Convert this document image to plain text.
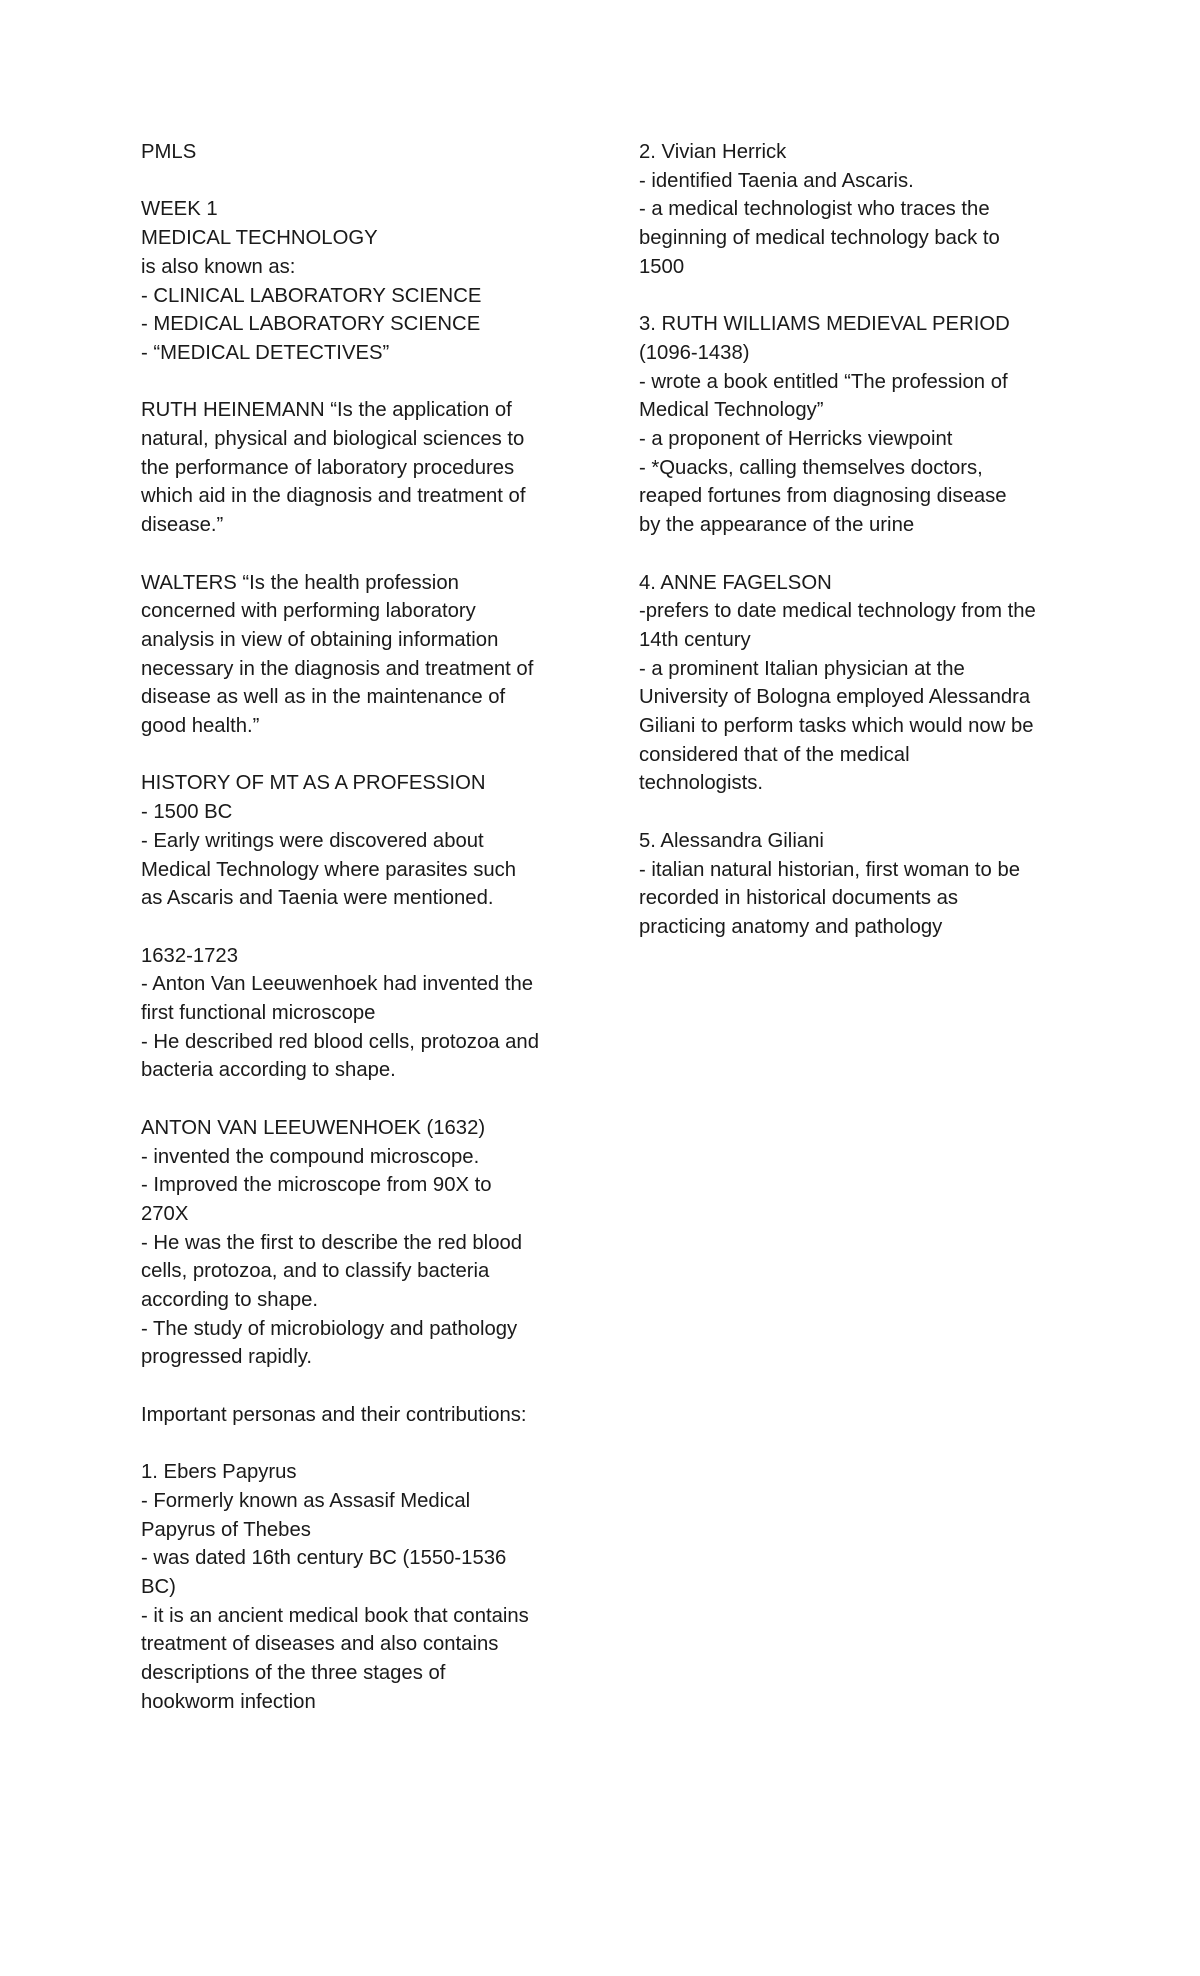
PMLS
WEEK 1
MEDICAL TECHNOLOGY
is also known as:
- CLINICAL LABORATORY SCIENCE
- MEDICAL LABORATORY SCIENCE
- “MEDICAL DETECTIVES”
RUTH HEINEMANN “Is the application of
natural, physical and biological sciences to
the performance of laboratory procedures
which aid in the diagnosis and treatment of
disease.”
WALTERS “Is the health profession
concerned with performing laboratory
analysis in view of obtaining information
necessary in the diagnosis and treatment of
disease as well as in the maintenance of
good health.”
HISTORY OF MT AS A PROFESSION
- 1500 BC
- Early writings were discovered about
Medical Technology where parasites such
as Ascaris and Taenia were mentioned.
1632-1723
- Anton Van Leeuwenhoek had invented the
first functional microscope
- He described red blood cells, protozoa and
bacteria according to shape.
ANTON VAN LEEUWENHOEK (1632)
- invented the compound microscope.
- Improved the microscope from 90X to
270X
- He was the first to describe the red blood
cells, protozoa, and to classify bacteria
according to shape.
- The study of microbiology and pathology
progressed rapidly.
Important personas and their contributions:
1. Ebers Papyrus
- Formerly known as Assasif Medical
Papyrus of Thebes
- was dated 16th century BC (1550-1536
BC)
- it is an ancient medical book that contains
treatment of diseases and also contains
descriptions of the three stages of
hookworm infection
2. Vivian Herrick
- identified Taenia and Ascaris.
- a medical technologist who traces the
beginning of medical technology back to
1500
3. RUTH WILLIAMS MEDIEVAL PERIOD
(1096-1438)
- wrote a book entitled “The profession of
Medical Technology”
- a proponent of Herricks viewpoint
- *Quacks, calling themselves doctors,
reaped fortunes from diagnosing disease
by the appearance of the urine
4. ANNE FAGELSON
-prefers to date medical technology from the
14th century
- a prominent Italian physician at the
University of Bologna employed Alessandra
Giliani to perform tasks which would now be
considered that of the medical
technologists.
5. Alessandra Giliani
- italian natural historian, first woman to be
recorded in historical documents as
practicing anatomy and pathology
